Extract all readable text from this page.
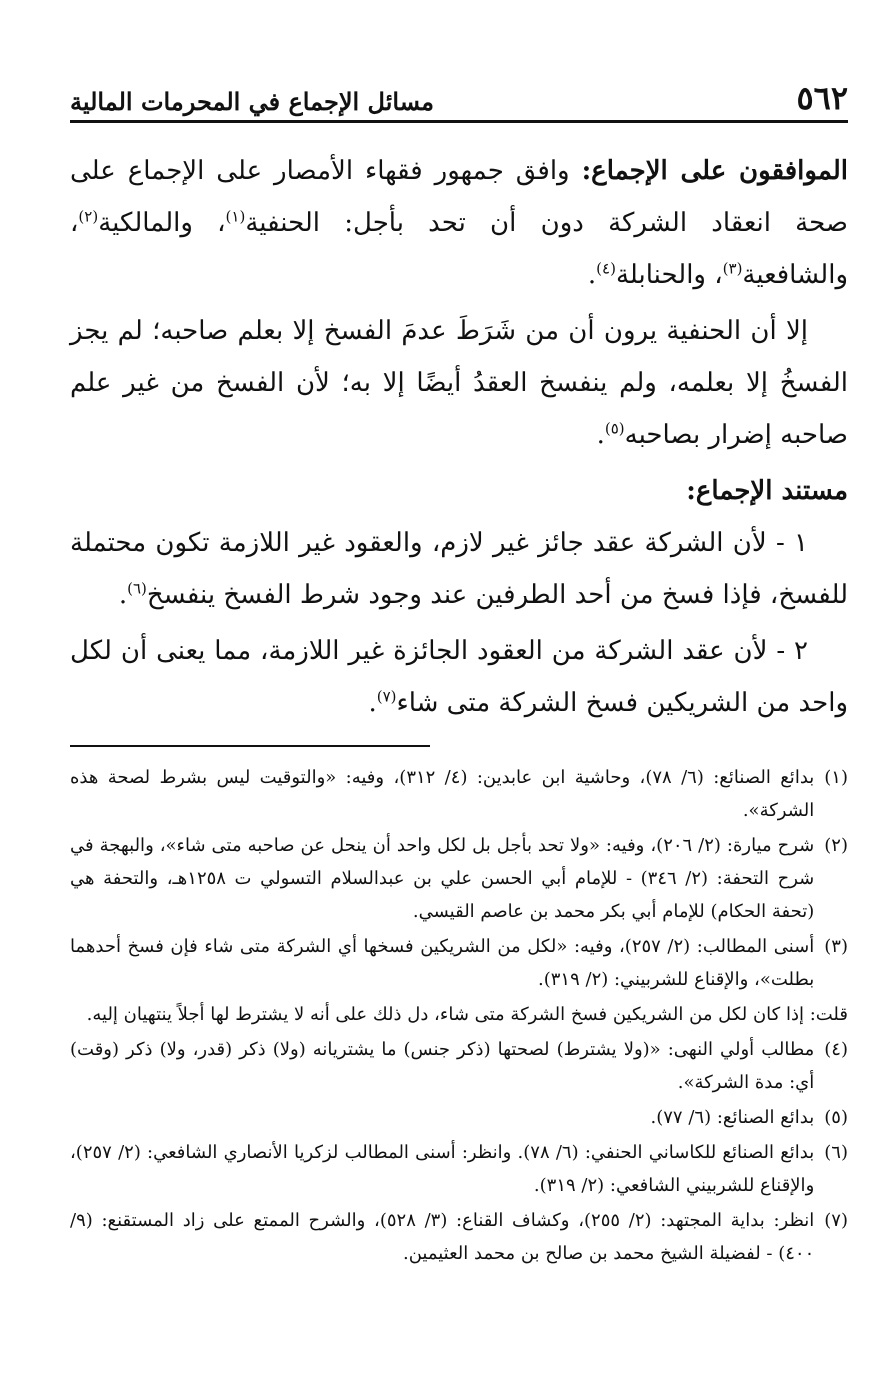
٥٦٢
مسائل الإجماع في المحرمات المالية

الموافقون على الإجماع: وافق جمهور فقهاء الأمصار على الإجماع على صحة انعقاد الشركة دون أن تحد بأجل: الحنفية$^{(١)}$، والمالكية$^{(٢)}$، والشافعية$^{(٣)}$، والحنابلة$^{(٤)}$.

إلا أن الحنفية يرون أن من شَرَطَ عدمَ الفسخ إلا بعلم صاحبه؛ لم يجز الفسخُ إلا بعلمه، ولم ينفسخ العقدُ أيضًا إلا به؛ لأن الفسخ من غير علم صاحبه إضرار بصاحبه$^{(٥)}$.

مستند الإجماع:

١ - لأن الشركة عقد جائز غير لازم، والعقود غير اللازمة تكون محتملة للفسخ، فإذا فسخ من أحد الطرفين عند وجود شرط الفسخ ينفسخ$^{(٦)}$.

٢ - لأن عقد الشركة من العقود الجائزة غير اللازمة، مما يعنى أن لكل واحد من الشريكين فسخ الشركة متى شاء$^{(٧)}$.

(١)
بدائع الصنائع: (٦/ ٧٨)، وحاشية ابن عابدين: (٤/ ٣١٢)، وفيه: «والتوقيت ليس بشرط لصحة هذه الشركة».
(٢)
شرح ميارة: (٢/ ٢٠٦)، وفيه: «ولا تحد بأجل بل لكل واحد أن ينحل عن صاحبه متى شاء»، والبهجة في شرح التحفة: (٢/ ٣٤٦) - للإمام أبي الحسن علي بن عبدالسلام التسولي ت ١٢٥٨هـ، والتحفة هي (تحفة الحكام) للإمام أبي بكر محمد بن عاصم القيسي.
(٣)
أسنى المطالب: (٢/ ٢٥٧)، وفيه: «لكل من الشريكين فسخها أي الشركة متى شاء فإن فسخ أحدهما بطلت»، والإقناع للشربيني: (٢/ ٣١٩).
قلت: إذا كان لكل من الشريكين فسخ الشركة متى شاء، دل ذلك على أنه لا يشترط لها أجلاً ينتهيان إليه.
(٤)
مطالب أولي النهى: «(ولا يشترط) لصحتها (ذكر جنس) ما يشتريانه (ولا) ذكر (قدر، ولا) ذكر (وقت) أي: مدة الشركة».
(٥)
بدائع الصنائع: (٦/ ٧٧).
(٦)
بدائع الصنائع للكاساني الحنفي: (٦/ ٧٨). وانظر: أسنى المطالب لزكريا الأنصاري الشافعي: (٢/ ٢٥٧)، والإقناع للشربيني الشافعي: (٢/ ٣١٩).
(٧)
انظر: بداية المجتهد: (٢/ ٢٥٥)، وكشاف القناع: (٣/ ٥٢٨)، والشرح الممتع على زاد المستقنع: (٩/ ٤٠٠) - لفضيلة الشيخ محمد بن صالح بن محمد العثيمين.
